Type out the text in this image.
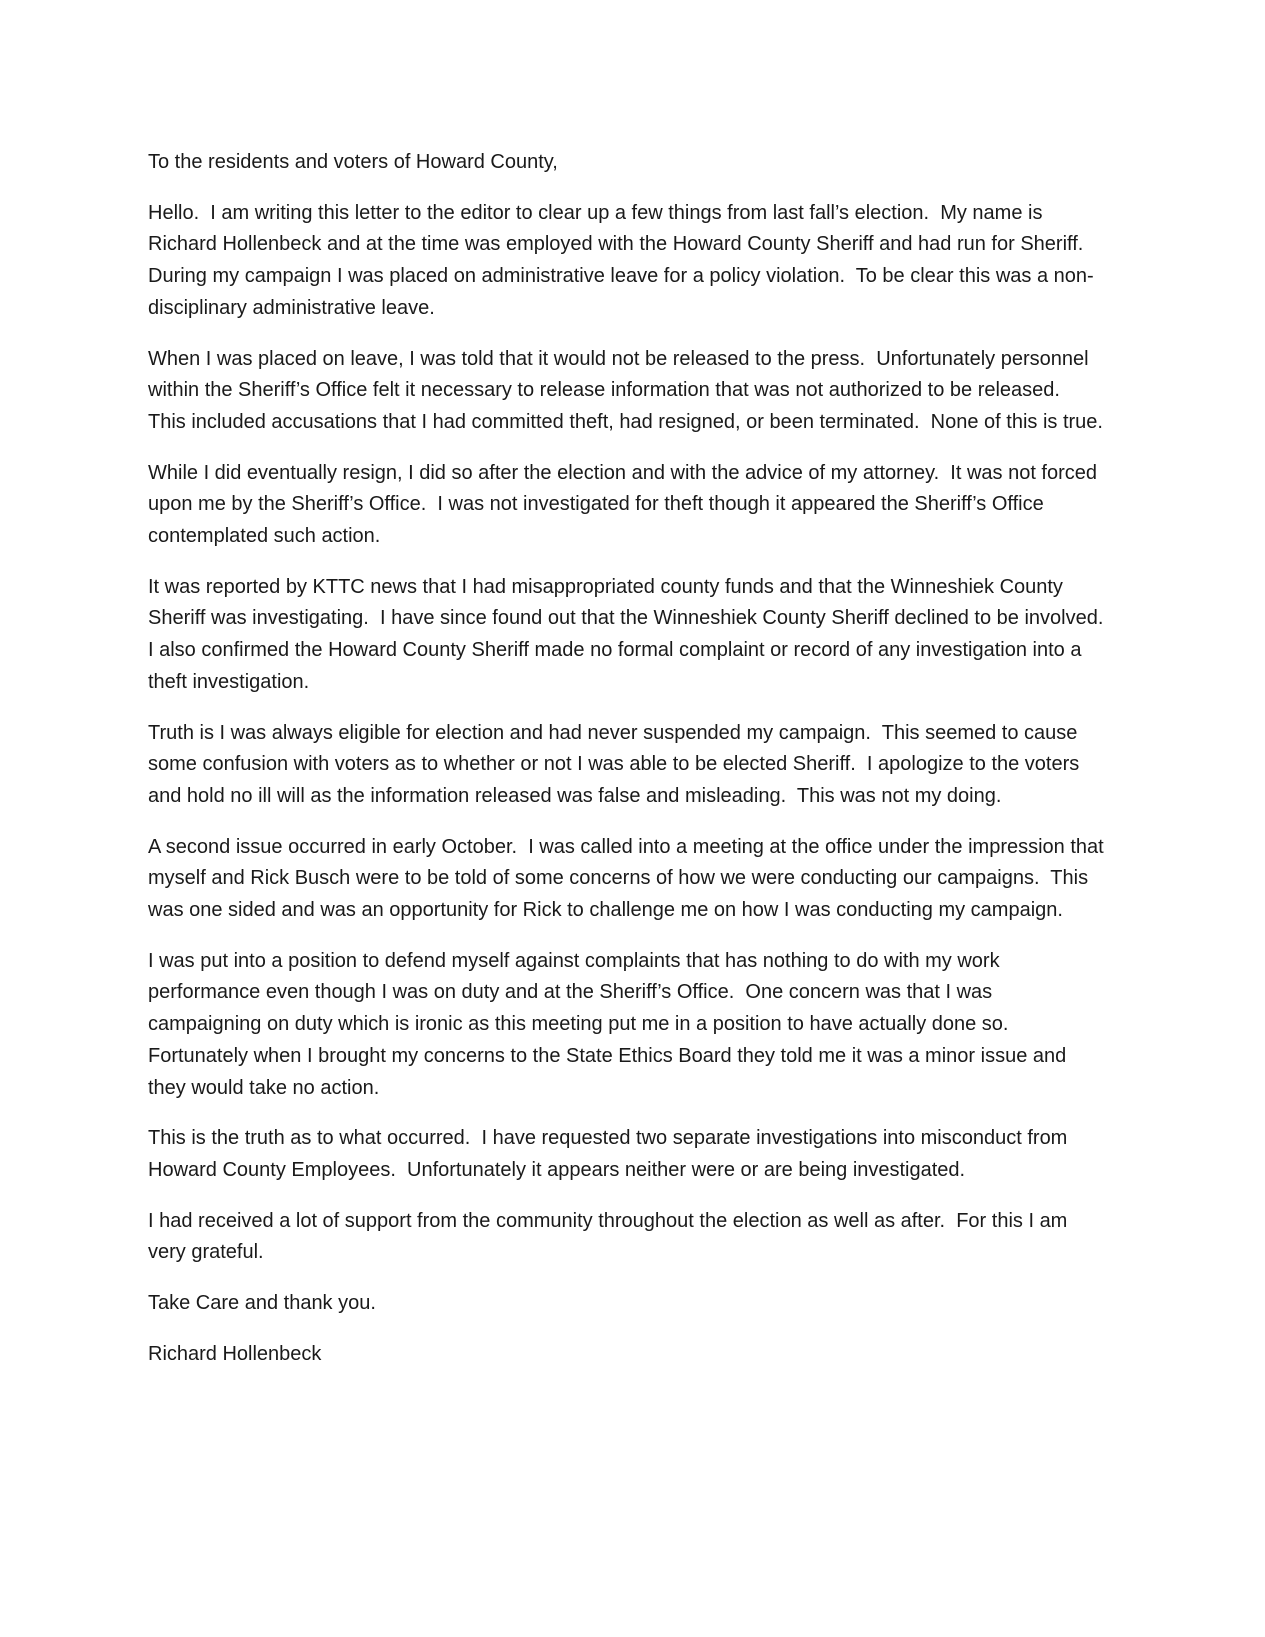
To the residents and voters of Howard County,

Hello.  I am writing this letter to the editor to clear up a few things from last fall’s election.  My name is Richard Hollenbeck and at the time was employed with the Howard County Sheriff and had run for Sheriff.  During my campaign I was placed on administrative leave for a policy violation.  To be clear this was a non-disciplinary administrative leave.

When I was placed on leave, I was told that it would not be released to the press.  Unfortunately personnel within the Sheriff’s Office felt it necessary to release information that was not authorized to be released.  This included accusations that I had committed theft, had resigned, or been terminated.  None of this is true.

While I did eventually resign, I did so after the election and with the advice of my attorney.  It was not forced upon me by the Sheriff’s Office.  I was not investigated for theft though it appeared the Sheriff’s Office contemplated such action.

It was reported by KTTC news that I had misappropriated county funds and that the Winneshiek County Sheriff was investigating.  I have since found out that the Winneshiek County Sheriff declined to be involved.  I also confirmed the Howard County Sheriff made no formal complaint or record of any investigation into a theft investigation.

Truth is I was always eligible for election and had never suspended my campaign.  This seemed to cause some confusion with voters as to whether or not I was able to be elected Sheriff.  I apologize to the voters and hold no ill will as the information released was false and misleading.  This was not my doing.

A second issue occurred in early October.  I was called into a meeting at the office under the impression that myself and Rick Busch were to be told of some concerns of how we were conducting our campaigns.  This was one sided and was an opportunity for Rick to challenge me on how I was conducting my campaign.

I was put into a position to defend myself against complaints that has nothing to do with my work performance even though I was on duty and at the Sheriff’s Office.  One concern was that I was campaigning on duty which is ironic as this meeting put me in a position to have actually done so.  Fortunately when I brought my concerns to the State Ethics Board they told me it was a minor issue and they would take no action.

This is the truth as to what occurred.  I have requested two separate investigations into misconduct from Howard County Employees.  Unfortunately it appears neither were or are being investigated.

I had received a lot of support from the community throughout the election as well as after.  For this I am very grateful.

Take Care and thank you.

Richard Hollenbeck
